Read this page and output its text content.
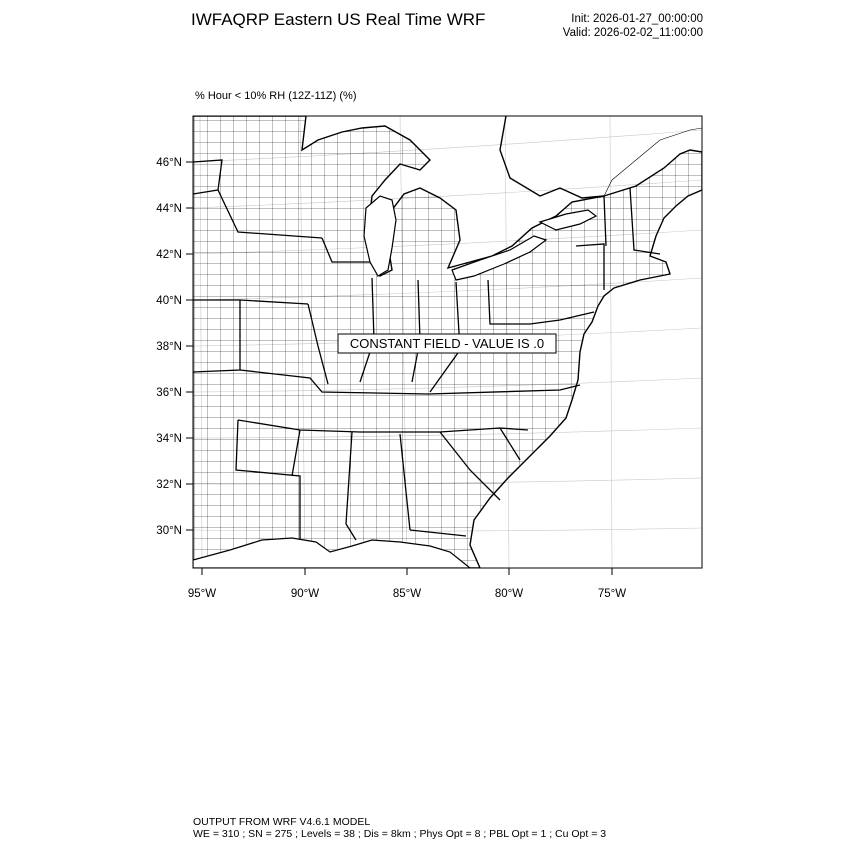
IWFAQRP Eastern US Real Time WRF	Init: 2026-01-27_00:00:00
Valid: 2026-02-02_11:00:00
% Hour < 10% RH (12Z-11Z) (%)
46°N
44°N
42°N
40°N
38°N
36°N
34°N
32°N
30°N
95°W	90°W	85°W	80°W	75°W
CONSTANT FIELD - VALUE IS .0
OUTPUT FROM WRF V4.6.1 MODEL
WE = 310 ; SN = 275 ; Levels = 38 ; Dis = 8km ; Phys Opt = 8 ; PBL Opt = 1 ; Cu Opt = 3
